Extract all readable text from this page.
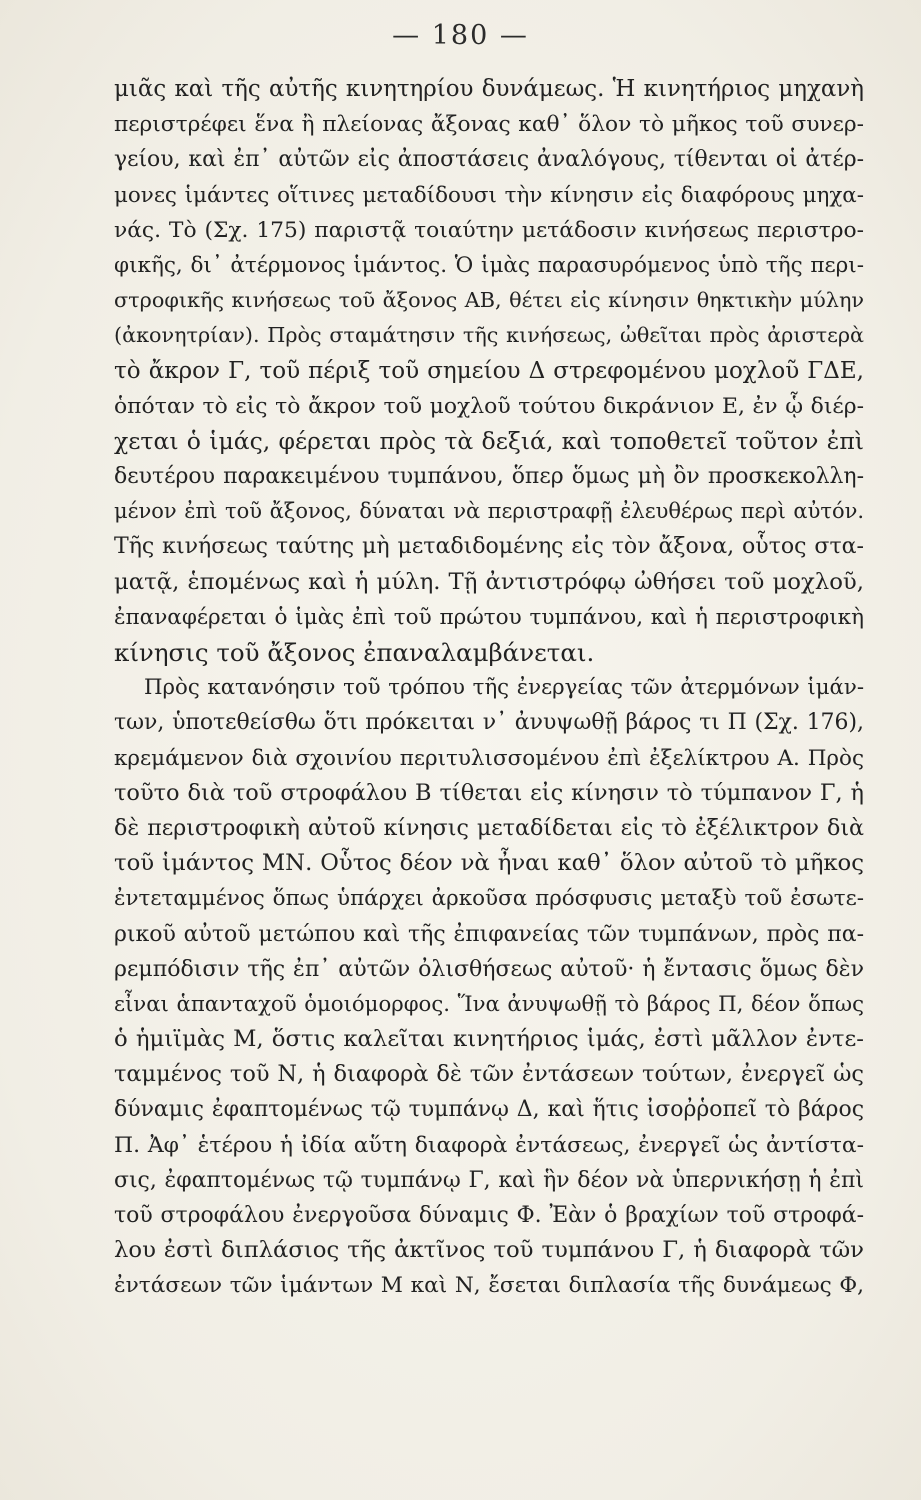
— 180 —
μιᾶς καὶ τῆς αὐτῆς κινητηρίου δυνάμεως. Ἡ κινητήριος μηχανὴ
περιστρέφει ἕνα ἢ πλείονας ἄξονας καθ᾽ ὅλον τὸ μῆκος τοῦ συνερ-
γείου, καὶ ἐπ᾽ αὐτῶν εἰς ἀποστάσεις ἀναλόγους, τίθενται οἱ ἀτέρ-
μονες ἱμάντες οἵτινες μεταδίδουσι τὴν κίνησιν εἰς διαφόρους μηχα-
νάς. Τὸ (Σχ. 175) παριστᾷ τοιαύτην μετάδοσιν κινήσεως περιστρο-
φικῆς, δι᾽ ἀτέρμονος ἱμάντος. Ὁ ἱμὰς παρασυρόμενος ὑπὸ τῆς περι-
στροφικῆς κινήσεως τοῦ ἄξονος ΑΒ, θέτει εἰς κίνησιν θηκτικὴν μύλην
(ἀκονητρίαν). Πρὸς σταμάτησιν τῆς κινήσεως, ὠθεῖται πρὸς ἀριστερὰ
τὸ ἄκρον Γ, τοῦ πέριξ τοῦ σημείου Δ στρεφομένου μοχλοῦ ΓΔΕ,
ὁπόταν τὸ εἰς τὸ ἄκρον τοῦ μοχλοῦ τούτου δικράνιον Ε, ἐν ᾧ διέρ-
χεται ὁ ἱμάς, φέρεται πρὸς τὰ δεξιά, καὶ τοποθετεῖ τοῦτον ἐπὶ
δευτέρου παρακειμένου τυμπάνου, ὅπερ ὅμως μὴ ὂν προσκεκολλη-
μένον ἐπὶ τοῦ ἄξονος, δύναται νὰ περιστραφῇ ἐλευθέρως περὶ αὐτόν.
Τῆς κινήσεως ταύτης μὴ μεταδιδομένης εἰς τὸν ἄξονα, οὗτος στα-
ματᾷ, ἑπομένως καὶ ἡ μύλη. Τῇ ἀντιστρόφῳ ὠθήσει τοῦ μοχλοῦ,
ἐπαναφέρεται ὁ ἱμὰς ἐπὶ τοῦ πρώτου τυμπάνου, καὶ ἡ περιστροφικὴ
κίνησις τοῦ ἄξονος ἐπαναλαμβάνεται.
Πρὸς κατανόησιν τοῦ τρόπου τῆς ἐνεργείας τῶν ἀτερμόνων ἱμάν-
των, ὑποτεθείσθω ὅτι πρόκειται ν᾽ ἀνυψωθῇ βάρος τι Π (Σχ. 176),
κρεμάμενον διὰ σχοινίου περιτυλισσομένου ἐπὶ ἐξελίκτρου Α. Πρὸς
τοῦτο διὰ τοῦ στροφάλου Β τίθεται εἰς κίνησιν τὸ τύμπανον Γ, ἡ
δὲ περιστροφικὴ αὐτοῦ κίνησις μεταδίδεται εἰς τὸ ἐξέλικτρον διὰ
τοῦ ἱμάντος ΜΝ. Οὗτος δέον νὰ ἦναι καθ᾽ ὅλον αὐτοῦ τὸ μῆκος
ἐντεταμμένος ὅπως ὑπάρχει ἀρκοῦσα πρόσφυσις μεταξὺ τοῦ ἐσωτε-
ρικοῦ αὐτοῦ μετώπου καὶ τῆς ἐπιφανείας τῶν τυμπάνων, πρὸς πα-
ρεμπόδισιν τῆς ἐπ᾽ αὐτῶν ὀλισθήσεως αὐτοῦ· ἡ ἔντασις ὅμως δὲν
εἶναι ἁπανταχοῦ ὁμοιόμορφος. Ἵνα ἀνυψωθῇ τὸ βάρος Π, δέον ὅπως
ὁ ἡμιϊμὰς Μ, ὅστις καλεῖται κινητήριος ἱμάς, ἐστὶ μᾶλλον ἐντε-
ταμμένος τοῦ Ν, ἡ διαφορὰ δὲ τῶν ἐντάσεων τούτων, ἐνεργεῖ ὡς
δύναμις ἐφαπτομένως τῷ τυμπάνῳ Δ, καὶ ἥτις ἰσοῤῥοπεῖ τὸ βάρος
Π. Ἀφ᾽ ἑτέρου ἡ ἰδία αὕτη διαφορὰ ἐντάσεως, ἐνεργεῖ ὡς ἀντίστα-
σις, ἐφαπτομένως τῷ τυμπάνῳ Γ, καὶ ἣν δέον νὰ ὑπερνικήσῃ ἡ ἐπὶ
τοῦ στροφάλου ἐνεργοῦσα δύναμις Φ. Ἐὰν ὁ βραχίων τοῦ στροφά-
λου ἐστὶ διπλάσιος τῆς ἀκτῖνος τοῦ τυμπάνου Γ, ἡ διαφορὰ τῶν
ἐντάσεων τῶν ἱμάντων Μ καὶ Ν, ἔσεται διπλασία τῆς δυνάμεως Φ,
